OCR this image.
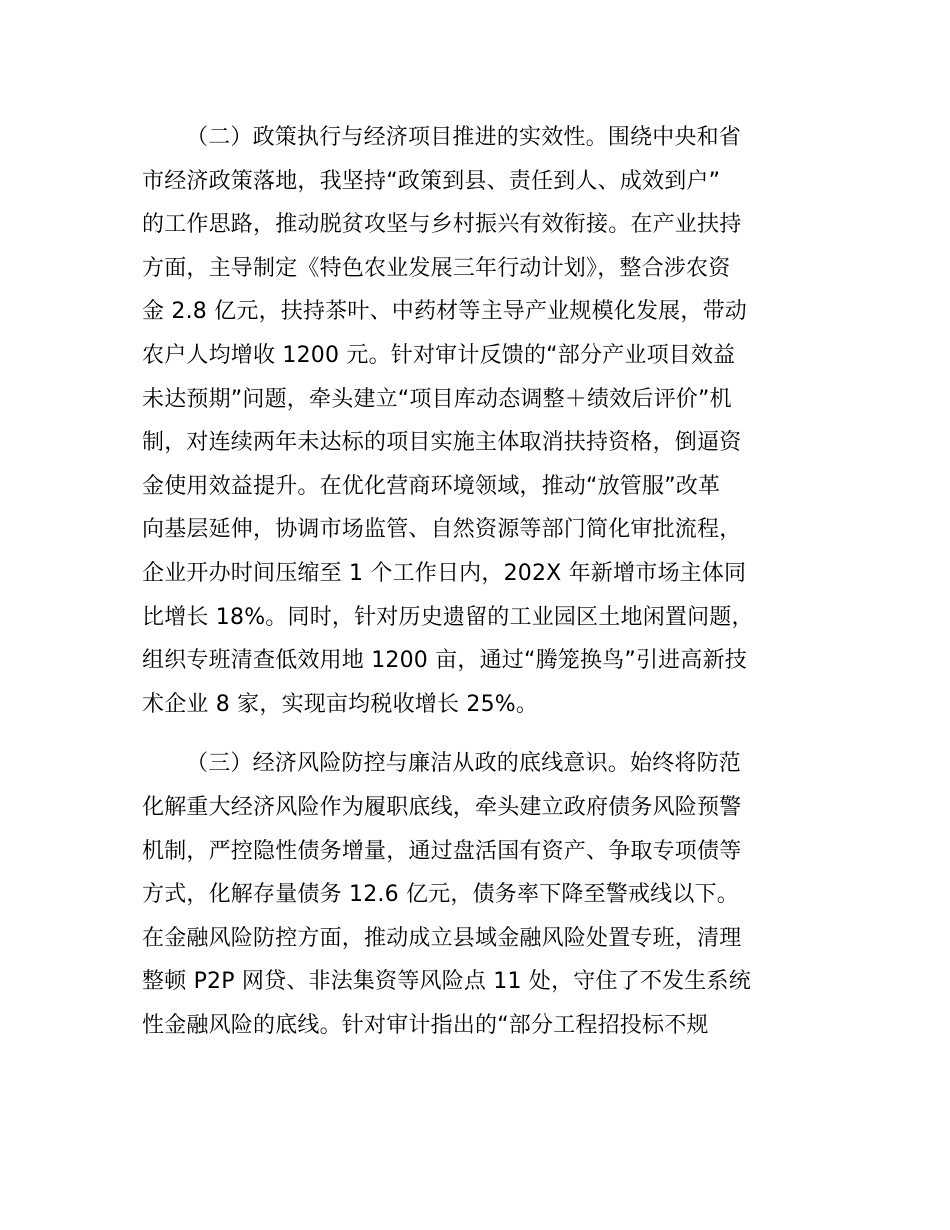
（二）政策执行与经济项目推进的实效性。围绕中央和省
市经济政策落地，我坚持“政策到县、责任到人、成效到户”
的工作思路，推动脱贫攻坚与乡村振兴有效衔接。在产业扶持
方面，主导制定《特色农业发展三年行动计划》，整合涉农资
金 2.8 亿元，扶持茶叶、中药材等主导产业规模化发展，带动
农户人均增收 1200 元。针对审计反馈的“部分产业项目效益
未达预期”问题，牵头建立“项目库动态调整＋绩效后评价”机
制，对连续两年未达标的项目实施主体取消扶持资格，倒逼资
金使用效益提升。在优化营商环境领域，推动“放管服”改革
向基层延伸，协调市场监管、自然资源等部门简化审批流程，
企业开办时间压缩至 1 个工作日内，202X 年新增市场主体同
比增长 18%。同时，针对历史遗留的工业园区土地闲置问题，
组织专班清查低效用地 1200 亩，通过“腾笼换鸟”引进高新技
术企业 8 家，实现亩均税收增长 25%。
（三）经济风险防控与廉洁从政的底线意识。始终将防范
化解重大经济风险作为履职底线，牵头建立政府债务风险预警
机制，严控隐性债务增量，通过盘活国有资产、争取专项债等
方式，化解存量债务 12.6 亿元，债务率下降至警戒线以下。
在金融风险防控方面，推动成立县域金融风险处置专班，清理
整顿 P2P 网贷、非法集资等风险点 11 处，守住了不发生系统
性金融风险的底线。针对审计指出的“部分工程招投标不规
